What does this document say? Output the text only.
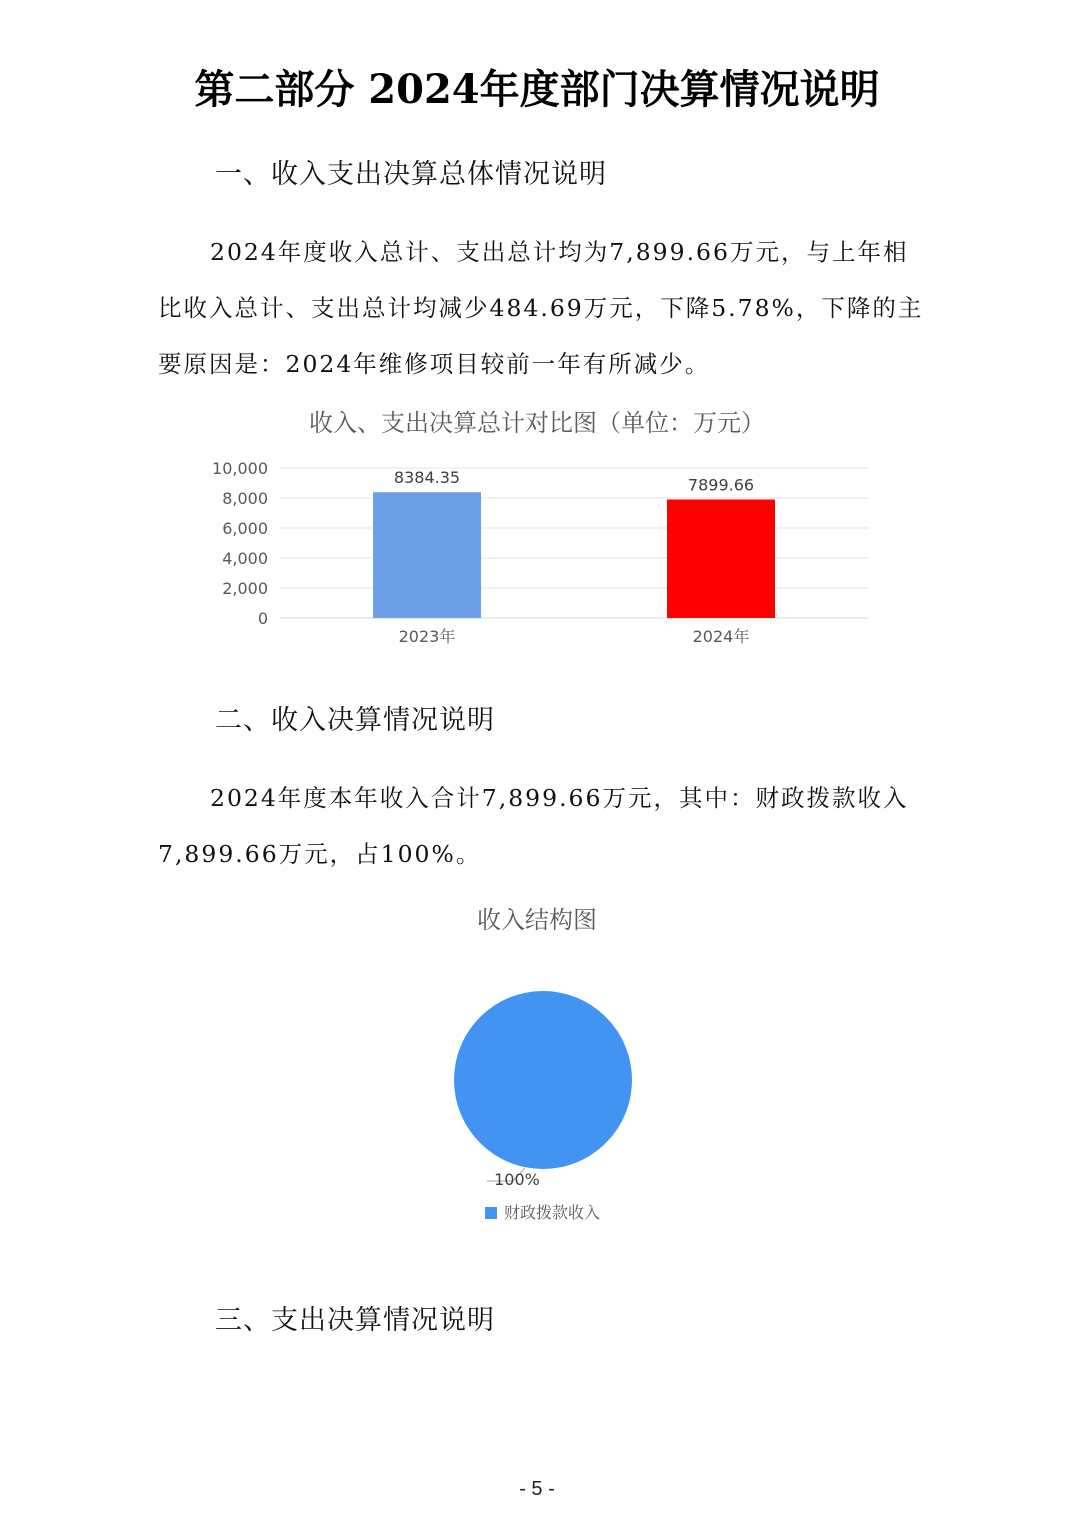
第二部分 2024年度部门决算情况说明
一、收入支出决算总体情况说明
2024年度收入总计、支出总计均为7,899.66万元，与上年相
比收入总计、支出总计均减少484.69万元，下降5.78%，下降的主
要原因是：2024年维修项目较前一年有所减少。
收入、支出决算总计对比图（单位：万元）
0
2,000
4,000
6,000
8,000
10,000	8384.35
2023年
7899.66
2024年
二、收入决算情况说明
2024年度本年收入合计7,899.66万元，其中：财政拨款收入
7,899.66万元，占100%。
收入结构图
100%
财政拨款收入
三、支出决算情况说明
- 5 -
